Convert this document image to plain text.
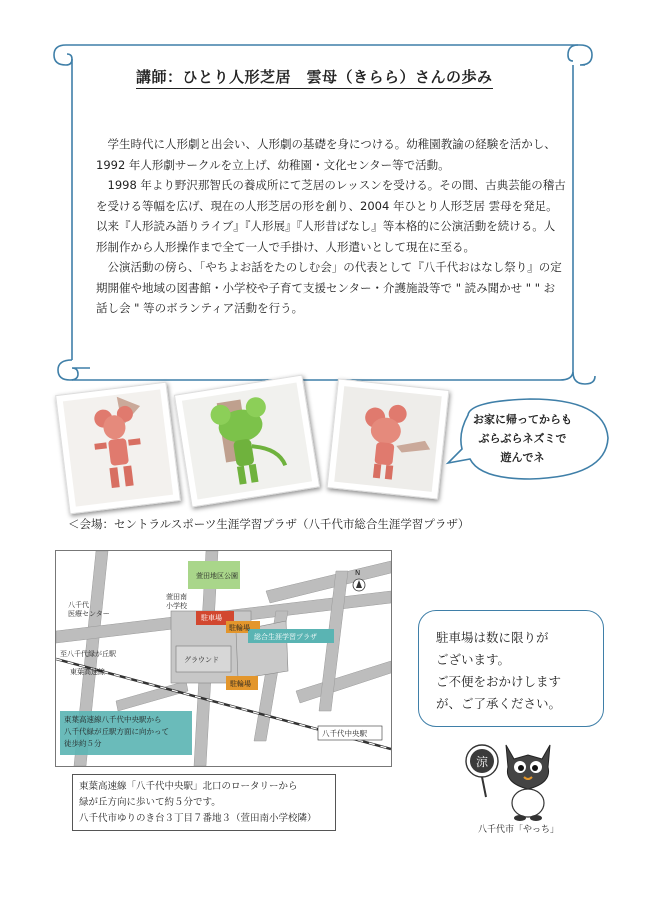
講師：ひとり人形芝居　雲母（きらら）さんの歩み

　学生時代に人形劇と出会い、人形劇の基礎を身につける。幼稚園教諭の経験を活かし、1992 年人形劇サークルを立上げ、幼稚園・文化センター等で活動。

　1998 年より野沢那智氏の養成所にて芝居のレッスンを受ける。その間、古典芸能の稽古を受ける等幅を広げ、現在の人形芝居の形を創り、2004 年ひとり人形芝居 雲母を発足。以来『人形読み語りライブ』『人形展』『人形昔ばなし』等本格的に公演活動を続ける。人形制作から人形操作まで全て一人で手掛け、人形遣いとして現在に至る。

　公演活動の傍ら、「やちよお話をたのしむ会」の代表として『八千代おはなし祭り』の定期開催や地域の図書館・小学校や子育て支援センター・介護施設等で " 読み聞かせ " " お話し会 " 等のボランティア活動を行う。

お家に帰ってからも
ぶらぶらネズミで
遊んでネ
＜会場：セントラルスポーツ生涯学習プラザ（八千代市総合生涯学習プラザ）
萱田地区公園
萱田南
小学校
八千代
医療センター
至八千代緑が丘駅
東葉高速線
駐車場
駐輪場
総合生涯学習プラザ
グラウンド
駐輪場
東葉高速線八千代中央駅から
八千代緑が丘駅方面に向かって
徒歩約５分
八千代中央駅
N
駐車場は数に限りが
ございます。
ご不便をおかけします
が、ご了承ください。
東葉高速線「八千代中央駅」北口のロータリーから
緑が丘方向に歩いて約５分です。
八千代市ゆりのき台３丁目７番地３（萱田南小学校隣）
涼
八千代市「やっち」
